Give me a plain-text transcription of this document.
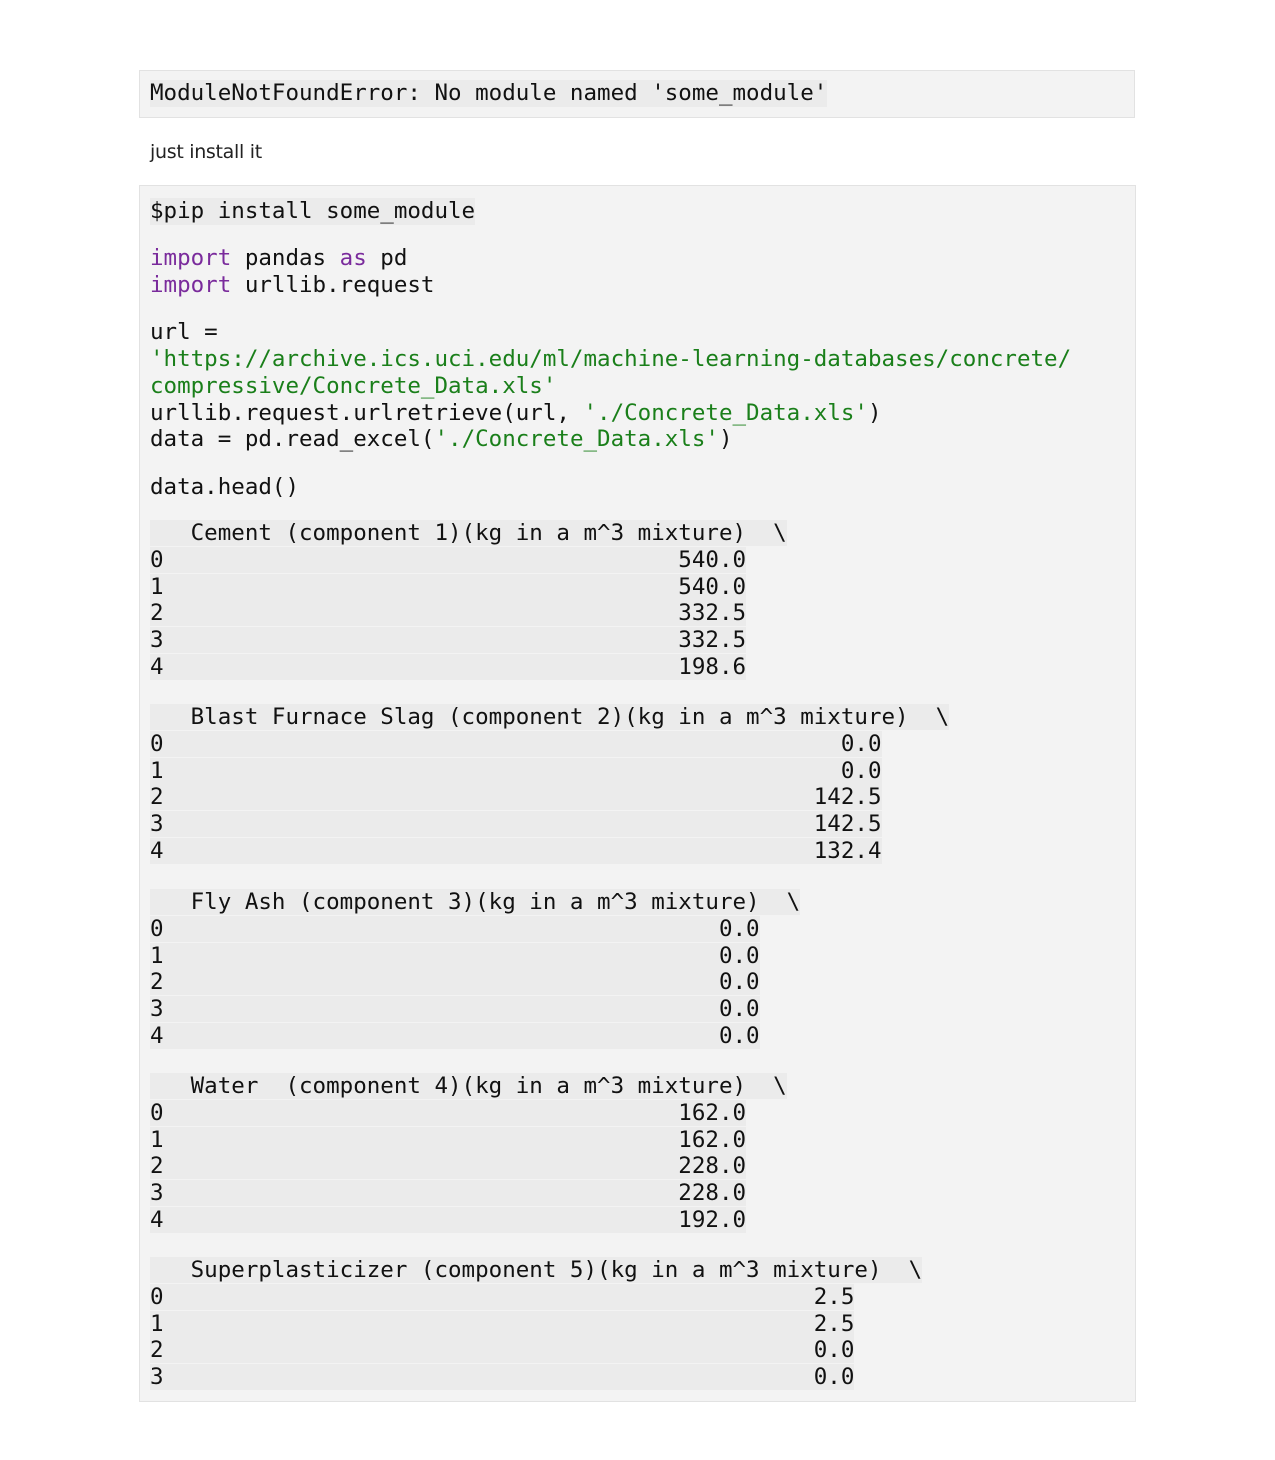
ModuleNotFoundError: No module named 'some_module'
just install it
$pip install some_module
import pandas as pd
import urllib.request
url =
'https://archive.ics.uci.edu/ml/machine-learning-databases/concrete/
compressive/Concrete_Data.xls'
urllib.request.urlretrieve(url, './Concrete_Data.xls')
data = pd.read_excel('./Concrete_Data.xls')
data.head()
Cement (component 1)(kg in a m^3 mixture)  \
0                                      540.0
1                                      540.0
2                                      332.5
3                                      332.5
4                                      198.6
Blast Furnace Slag (component 2)(kg in a m^3 mixture)  \
0                                                  0.0
1                                                  0.0
2                                                142.5
3                                                142.5
4                                                132.4
Fly Ash (component 3)(kg in a m^3 mixture)  \
0                                         0.0
1                                         0.0
2                                         0.0
3                                         0.0
4                                         0.0
Water  (component 4)(kg in a m^3 mixture)  \
0                                      162.0
1                                      162.0
2                                      228.0
3                                      228.0
4                                      192.0
Superplasticizer (component 5)(kg in a m^3 mixture)  \
0                                                2.5
1                                                2.5
2                                                0.0
3                                                0.0
